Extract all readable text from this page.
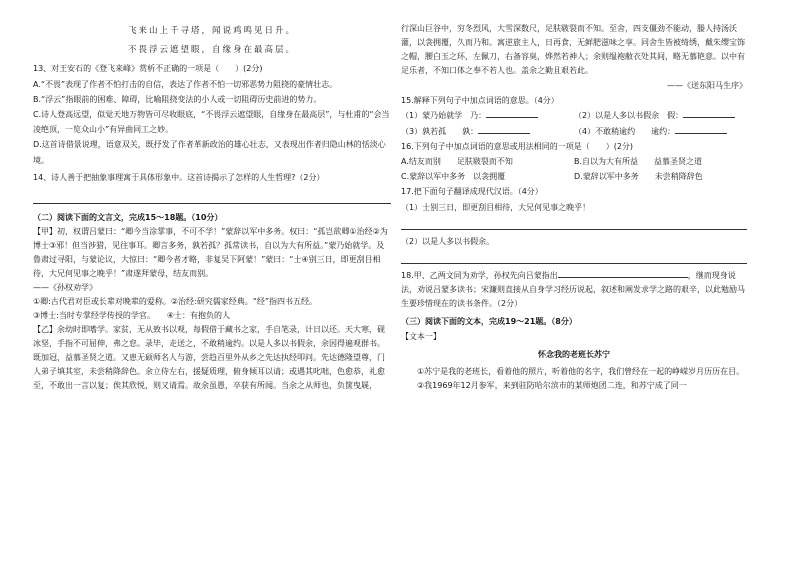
飞来山上千寻塔，闻说鸡鸣见日升。

不畏浮云遮望眼，自缘身在最高层。

13、对王安石的《登飞来峰》赏析不正确的一项是（　　）(2分)

A.“不畏”表现了作者不怕打击的自信，表达了作者不怕一切邪恶势力阻挠的豪情壮志。

B.“浮云”指眼前的困难、障碍，比喻阻挠变法的小人或一切阻碍历史前进的势力。

C.诗人登高远望，似觉天地万物皆可尽收眼底，“不畏浮云遮望眼，自缘身在最高层”，与杜甫的“会当凌绝顶，一览众山小”有异曲同工之妙。

D.这首诗借景说理，语意双关，既抒发了作者革新政治的雄心壮志，又表现出作者归隐山林的恬淡心境。

14、诗人善于把抽象事理寓于具体形象中。这首诗揭示了怎样的人生哲理?（2分）

（二）阅读下面的文言文，完成15～18题。（10分）

【甲】初，权谓吕蒙曰：“卿今当涂掌事，不可不学！”蒙辞以军中多务。权曰：“孤岂欲卿①治经②为博士③邪！但当涉猎，见往事耳。卿言多务，孰若孤？孤常读书，自以为大有所益。”蒙乃始就学。及鲁肃过寻阳，与蒙论议，大惊曰：“卿今者才略，非复吴下阿蒙！”蒙曰：“士④别三日，即更刮目相待，大兄何见事之晚乎！”肃遂拜蒙母，结友而别。

——《孙权劝学》

①卿:古代君对臣或长辈对晚辈的爱称。②治经:研究儒家经典。“经”指四书五经。

③博士:当时专掌经学传授的学官。　　④士：有抱负的人

【乙】余幼时即嗜学。家贫，无从致书以观，每假借于藏书之家，手自笔录，计日以还。天大寒，砚冰坚，手指不可屈伸，弗之怠。录毕，走送之，不敢稍逾约。以是人多以书假余，余因得遍观群书。既加冠，益慕圣贤之道。又患无硕师名人与游，尝趋百里外从乡之先达执经叩问。先达德隆望尊，门人弟子填其室，未尝稍降辞色。余立侍左右，援疑质理，俯身倾耳以请；或遇其叱咄，色愈恭，礼愈至，不敢出一言以复；俟其欣悦，则又请焉。故余虽愚，卒获有所闻。当余之从师也，负箧曳屣，

行深山巨谷中，穷冬烈风，大雪深数尺，足肤皲裂而不知。至舍，四支僵劲不能动，媵人持汤沃灌，以衾拥覆，久而乃和。寓逆旅主人，日再食，无鲜肥滋味之享。同舍生皆被绮绣，戴朱缨宝饰之帽，腰白玉之环，左佩刀，右备容臭，烨然若神人；余则缊袍敝衣处其间，略无慕艳意。以中有足乐者，不知口体之奉不若人也。盖余之勤且艰若此。

——《送东阳马生序》

15.解释下列句子中加点词语的意思。（4分）

（1）蒙乃始就学　乃：	（2）以是人多以书假余　假：
（3）孰若孤　　孰：	（4）不敢稍逾约　　逾约：

16.下列句子中加点词语的意思或用法相同的一项是（　　）(2分)

A.结友而别　　足肤皲裂而不知	B.自以为大有所益　　益慕圣贤之道
C.蒙辞以军中多务　以衾拥覆	D.蒙辞以军中多务　　未尝稍降辞色

17.把下面句子翻译成现代汉语。（4分）

（1）士别三日，即更刮目相待，大兄何见事之晚乎！

（2）以是人多以书假余。

18.甲、乙两文同为劝学，孙权先向吕蒙指出	，继而现身说法，劝说吕蒙多读书；宋濂则直接从自身学习经历说起，叙述和阐发求学之路的艰辛，以此勉励马生要珍惜现在的读书条件。（2分）

（三）阅读下面的文本，完成19～21题。（8分）

【文本一】

怀念我的老班长苏宁

①苏宁是我的老班长，看着他的照片，听着他的名字，我们曾经在一起的峥嵘岁月历历在目。

②我1969年12月参军，来到驻防哈尔滨市的某师炮团二连，和苏宁成了同一
